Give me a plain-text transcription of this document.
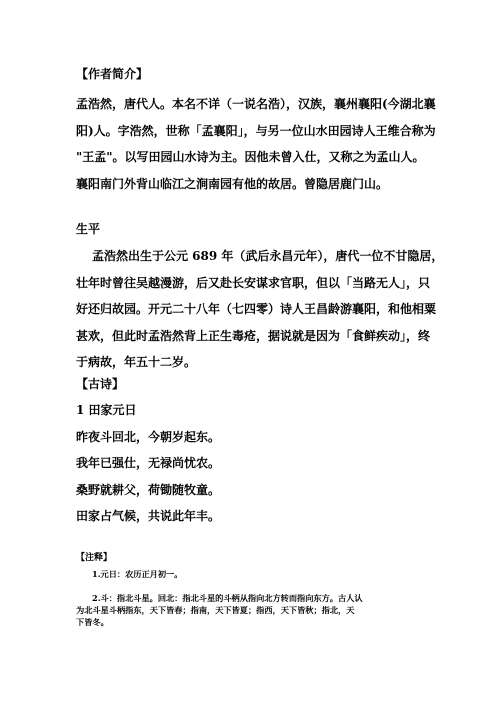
【作者简介】
孟浩然，唐代人。本名不详（一说名浩），汉族，襄州襄阳(今湖北襄
阳)人。字浩然，世称「孟襄阳」，与另一位山水田园诗人王维合称为
"王孟"。以写田园山水诗为主。因他未曾入仕，又称之为孟山人。
襄阳南门外背山临江之涧南园有他的故居。曾隐居鹿门山。
生平
孟浩然出生于公元 689 年（武后永昌元年），唐代一位不甘隐居，
壮年时曾往吴越漫游，后又赴长安谋求官职，但以「当路无人」，只
好还归故园。开元二十八年（七四零）诗人王昌龄游襄阳，和他相粟
甚欢，但此时孟浩然背上正生毒疮，据说就是因为「食鲜疾动」，终
于病故，年五十二岁。
【古诗】
1 田家元日
昨夜斗回北，今朝岁起东。
我年已强仕，无禄尚忧农。
桑野就耕父，荷锄随牧童。
田家占气候，共说此年丰。
【注释】
1.元日：农历正月初一。
2.斗：指北斗星。回北：指北斗星的斗柄从指向北方转而指向东方。古人认
为北斗星斗柄指东，天下皆春；指南，天下皆夏；指西，天下皆秋；指北，天
下皆冬。
